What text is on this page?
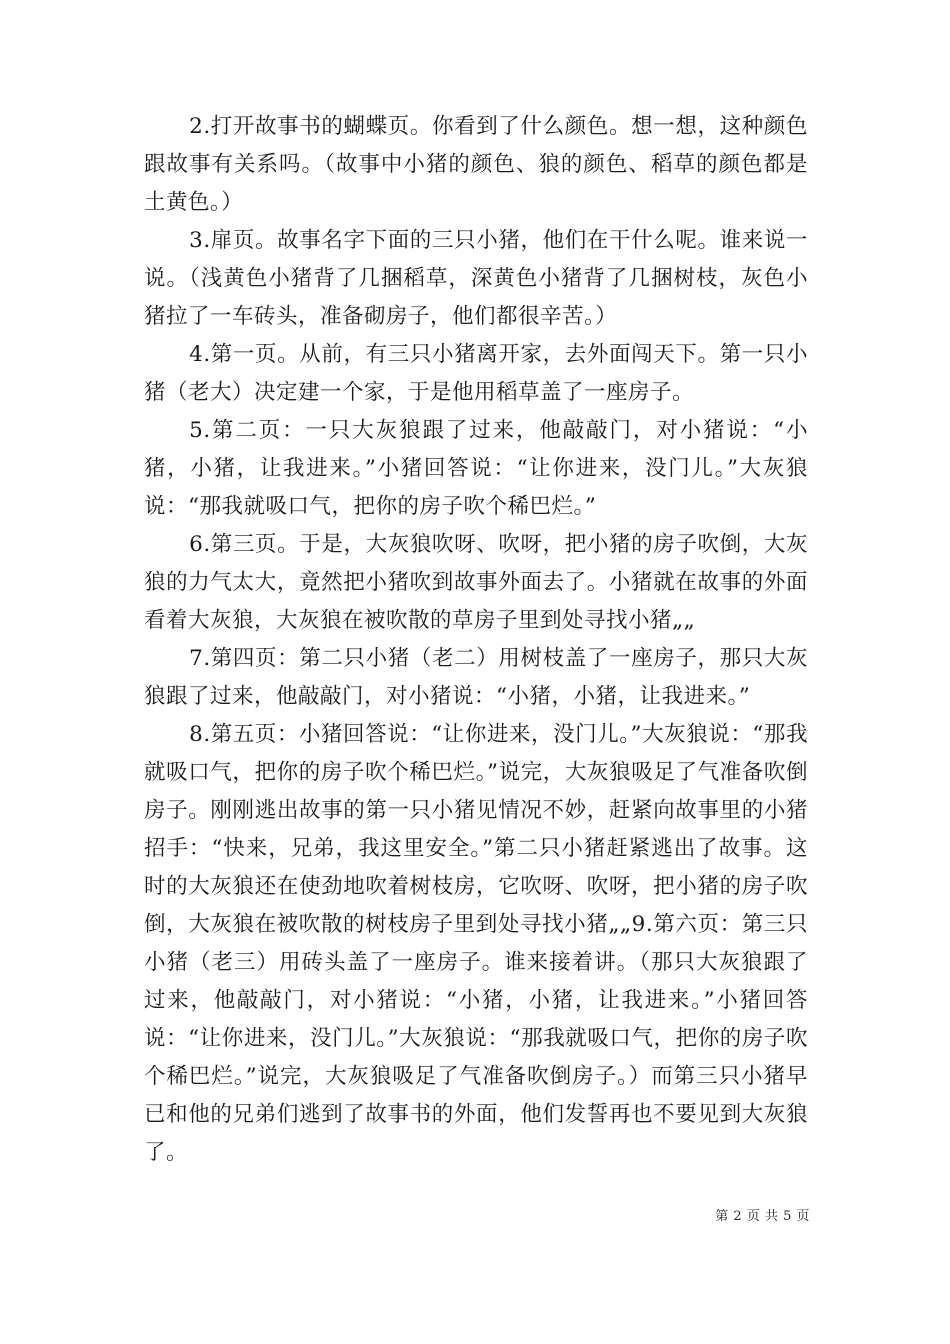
2.打开故事书的蝴蝶页。你看到了什么颜色。想一想，这种颜色跟故事有关系吗。（故事中小猪的颜色、狼的颜色、稻草的颜色都是土黄色。）

3.扉页。故事名字下面的三只小猪，他们在干什么呢。谁来说一说。（浅黄色小猪背了几捆稻草，深黄色小猪背了几捆树枝，灰色小猪拉了一车砖头，准备砌房子，他们都很辛苦。）

4.第一页。从前，有三只小猪离开家，去外面闯天下。第一只小猪（老大）决定建一个家，于是他用稻草盖了一座房子。

5.第二页：一只大灰狼跟了过来，他敲敲门，对小猪说：“小猪，小猪，让我进来。”小猪回答说：“让你进来，没门儿。”大灰狼说：“那我就吸口气，把你的房子吹个稀巴烂。”

6.第三页。于是，大灰狼吹呀、吹呀，把小猪的房子吹倒，大灰狼的力气太大，竟然把小猪吹到故事外面去了。小猪就在故事的外面看着大灰狼，大灰狼在被吹散的草房子里到处寻找小猪„„

7.第四页：第二只小猪（老二）用树枝盖了一座房子，那只大灰狼跟了过来，他敲敲门，对小猪说：“小猪，小猪，让我进来。”

8.第五页：小猪回答说：“让你进来，没门儿。”大灰狼说：“那我就吸口气，把你的房子吹个稀巴烂。”说完，大灰狼吸足了气准备吹倒房子。刚刚逃出故事的第一只小猪见情况不妙，赶紧向故事里的小猪招手：“快来，兄弟，我这里安全。”第二只小猪赶紧逃出了故事。这时的大灰狼还在使劲地吹着树枝房，它吹呀、吹呀，把小猪的房子吹倒，大灰狼在被吹散的树枝房子里到处寻找小猪„„9.第六页：第三只小猪（老三）用砖头盖了一座房子。谁来接着讲。（那只大灰狼跟了过来，他敲敲门，对小猪说：“小猪，小猪，让我进来。”小猪回答说：“让你进来，没门儿。”大灰狼说：“那我就吸口气，把你的房子吹个稀巴烂。”说完，大灰狼吸足了气准备吹倒房子。）而第三只小猪早已和他的兄弟们逃到了故事书的外面，他们发誓再也不要见到大灰狼了。

第 2 页 共 5 页
